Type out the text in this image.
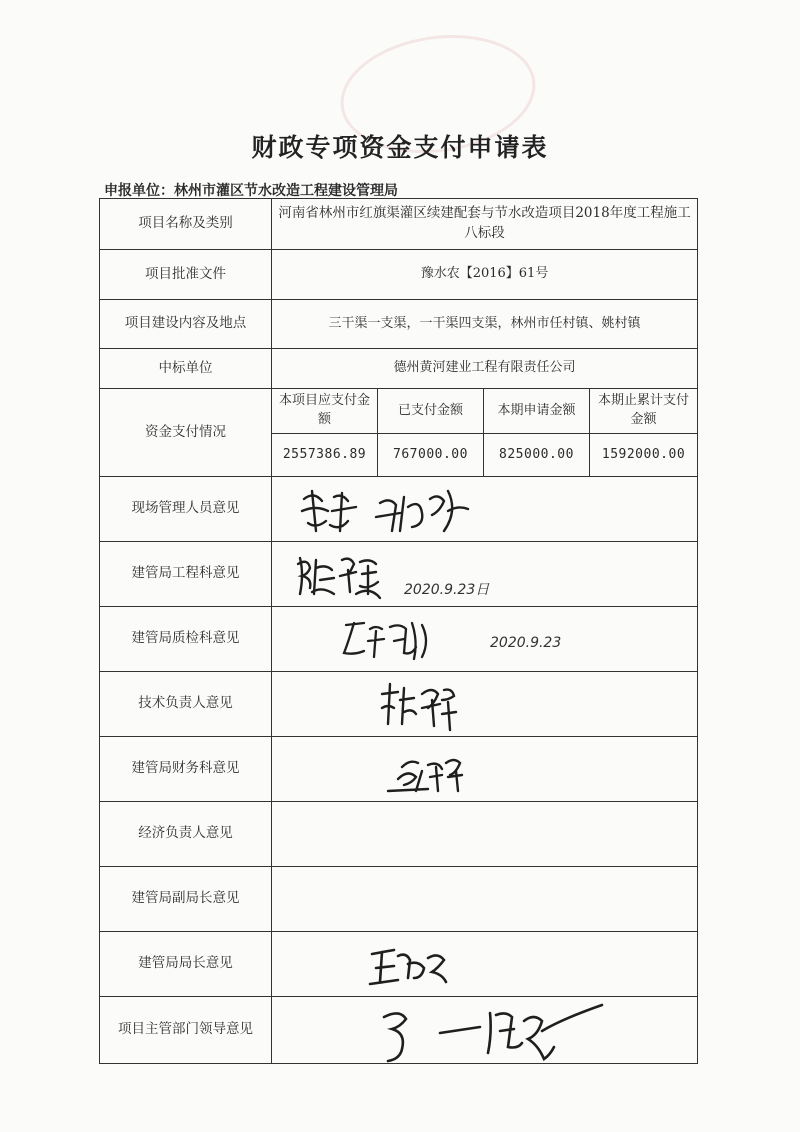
财政专项资金支付申请表
申报单位：林州市灌区节水改造工程建设管理局
项目名称及类别	河南省林州市红旗渠灌区续建配套与节水改造项目2018年度工程施工八标段			
项目批准文件	豫水农【2016】61号			
项目建设内容及地点	三干渠一支渠，一干渠四支渠，林州市任村镇、姚村镇			
中标单位	德州黄河建业工程有限责任公司			
资金支付情况	本项目应支付金额	已支付金额	本期申请金额	本期止累计支付金额
	2557386.89	767000.00	825000.00	1592000.00
现场管理人员意见	

建管局工程科意见	2020.9.23日			

建管局质检科意见	2020.9.23			

技术负责人意见	

建管局财务科意见	

经济负责人意见				
建管局副局长意见				
建管局局长意见	

项目主管部门领导意见	
